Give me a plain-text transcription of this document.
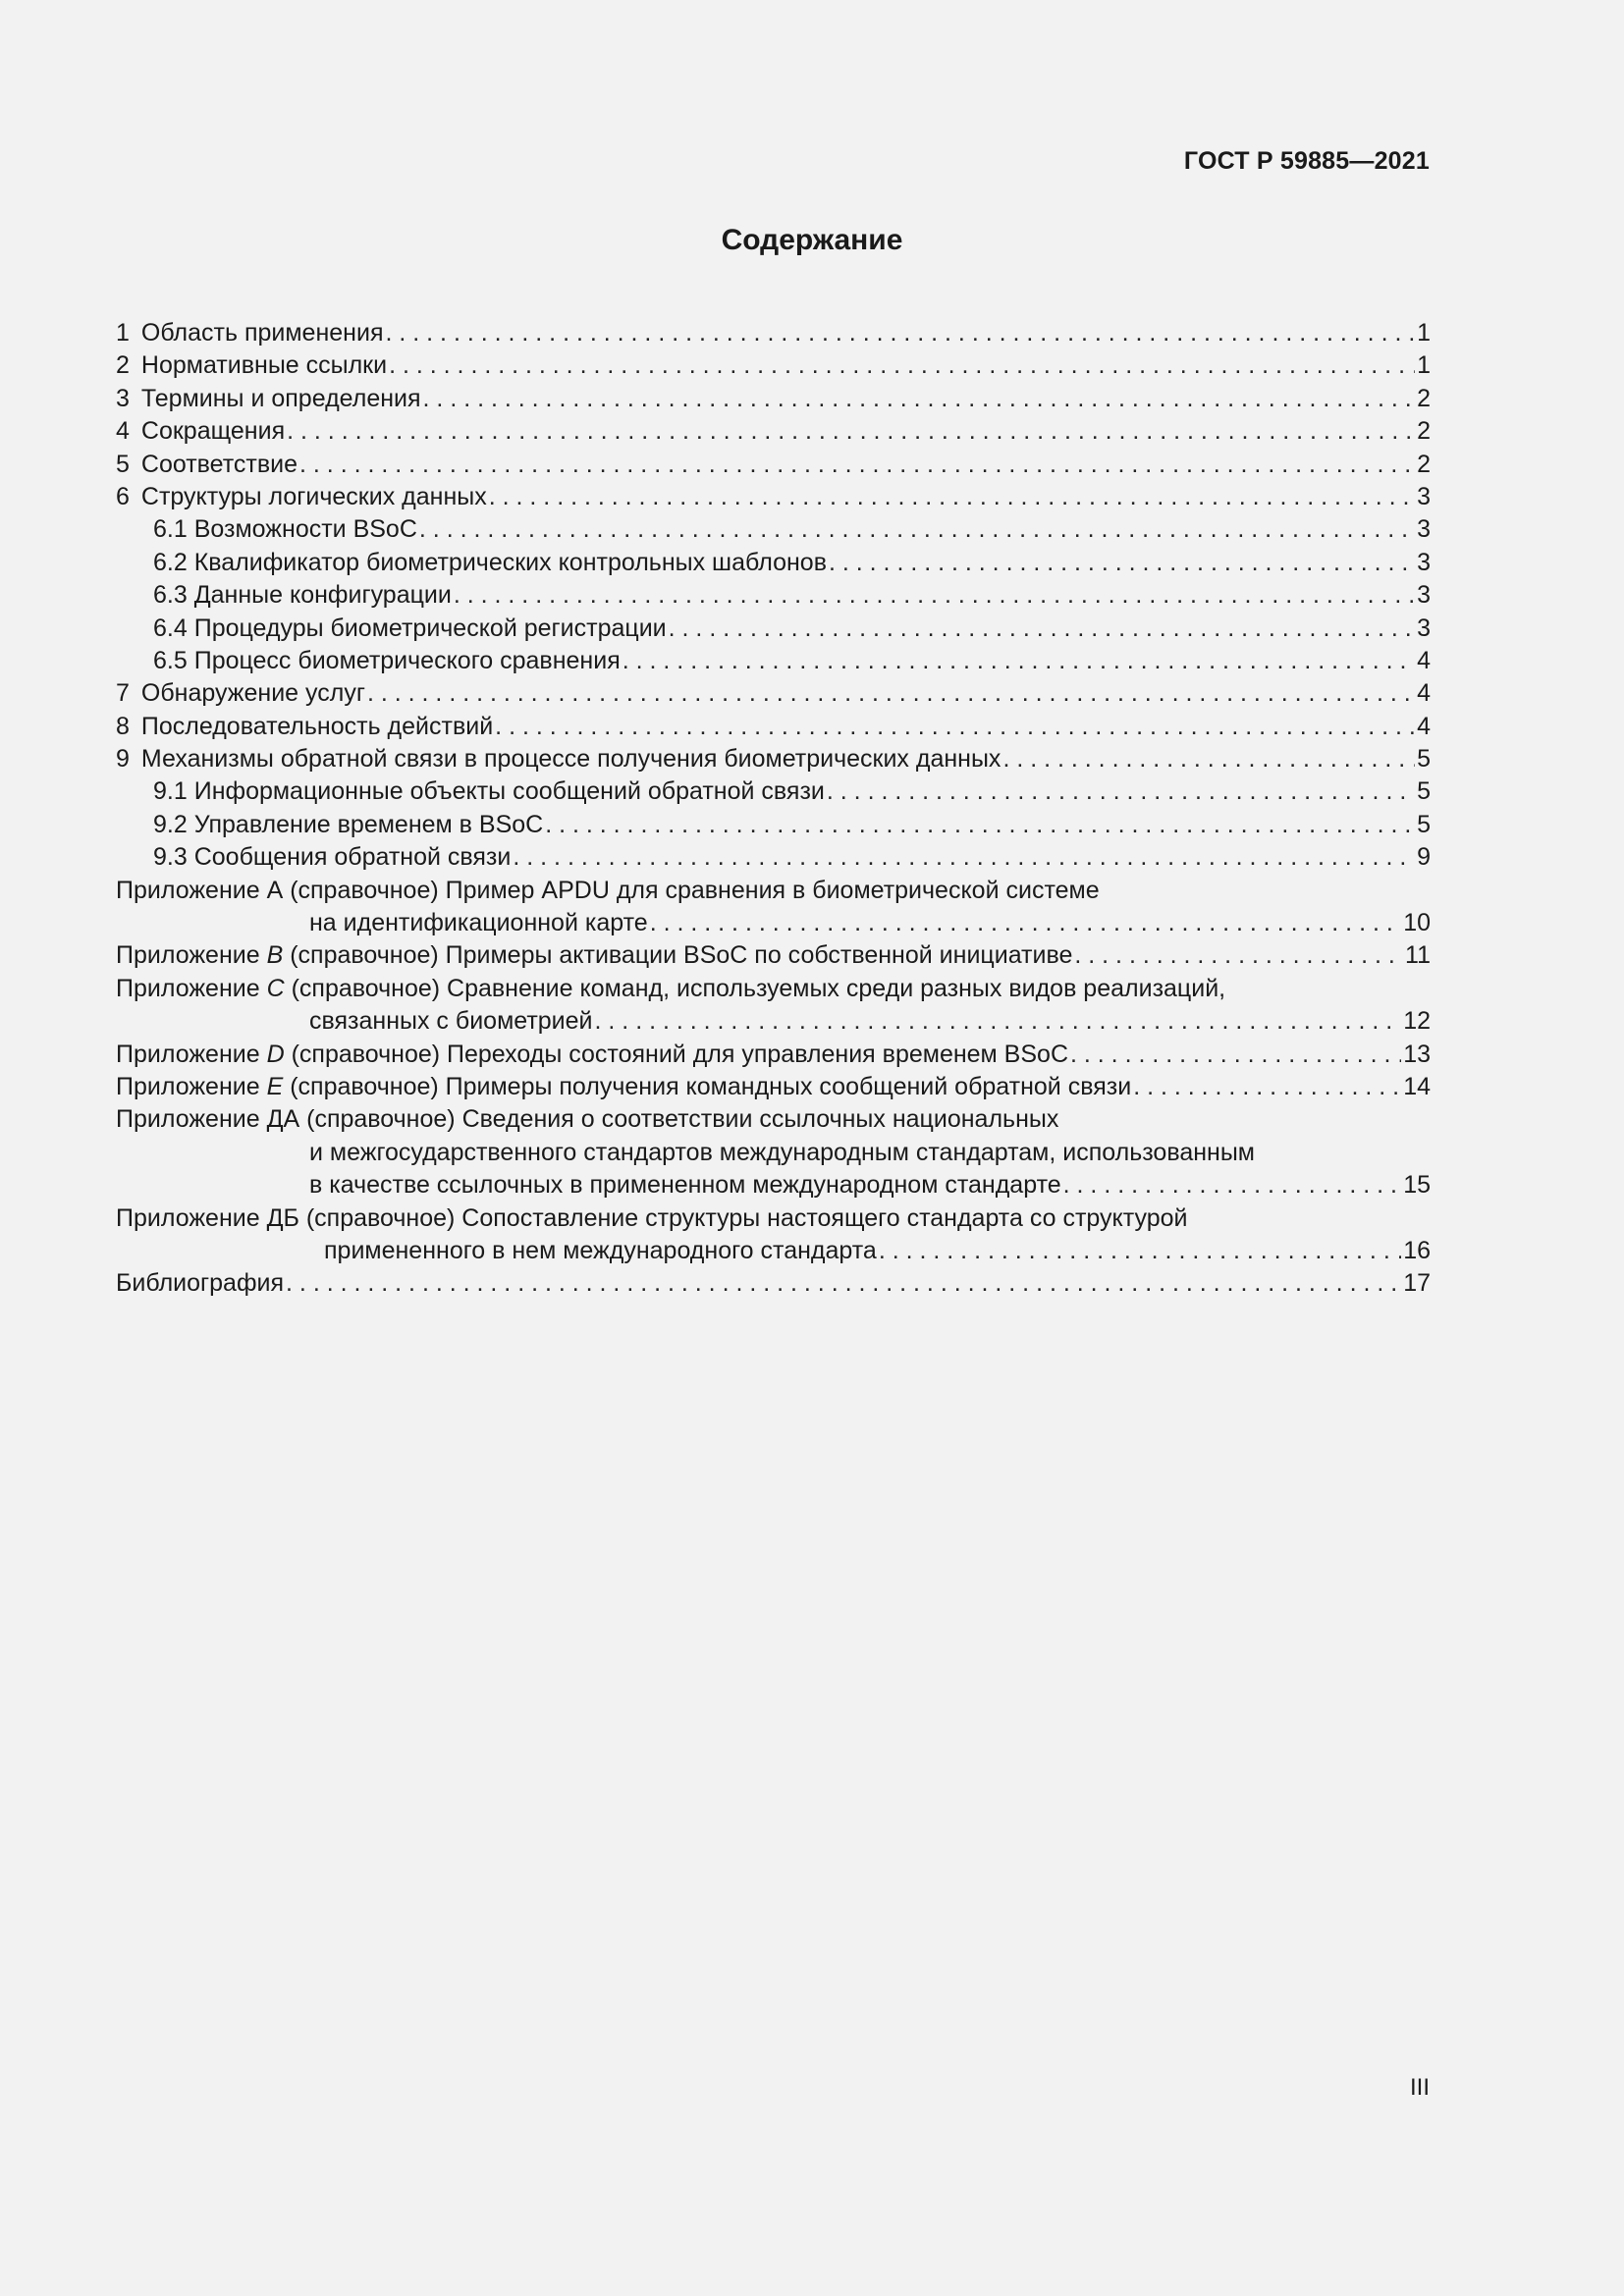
ГОСТ Р 59885—2021
Содержание
1 Область применения . . .	1
2 Нормативные ссылки . . .	1
3 Термины и определения . . .	2
4 Сокращения . . .	2
5 Соответствие . . .	2
6 Структуры логических данных . . .	3
6.1 Возможности BSoC . . .	3
6.2 Квалификатор биометрических контрольных шаблонов . . .	3
6.3 Данные конфигурации . . .	3
6.4 Процедуры биометрической регистрации . . .	3
6.5 Процесс биометрического сравнения . . .	4
7 Обнаружение услуг . . .	4
8 Последовательность действий . . .	4
9 Механизмы обратной связи в процессе получения биометрических данных . . .	5
9.1 Информационные объекты сообщений обратной связи . . .	5
9.2 Управление временем в BSoC . . .	5
9.3 Сообщения обратной связи . . .	9
Приложение А (справочное) Пример APDU для сравнения в биометрической системе
на идентификационной карте . . .	10
Приложение B (справочное) Примеры активации BSoC по собственной инициативе . . .	11
Приложение C (справочное) Сравнение команд, используемых среди разных видов реализаций,
связанных с биометрией . . .	12
Приложение D (справочное) Переходы состояний для управления временем BSoC . . .	13
Приложение E (справочное) Примеры получения командных сообщений обратной связи . . .	14
Приложение ДА (справочное) Сведения о соответствии ссылочных национальных
и межгосударственного стандартов международным стандартам, использованным
в качестве ссылочных в примененном международном стандарте . . .	15
Приложение ДБ (справочное) Сопоставление структуры настоящего стандарта со структурой
примененного в нем международного стандарта . . .	16
Библиография . . .	17
III
